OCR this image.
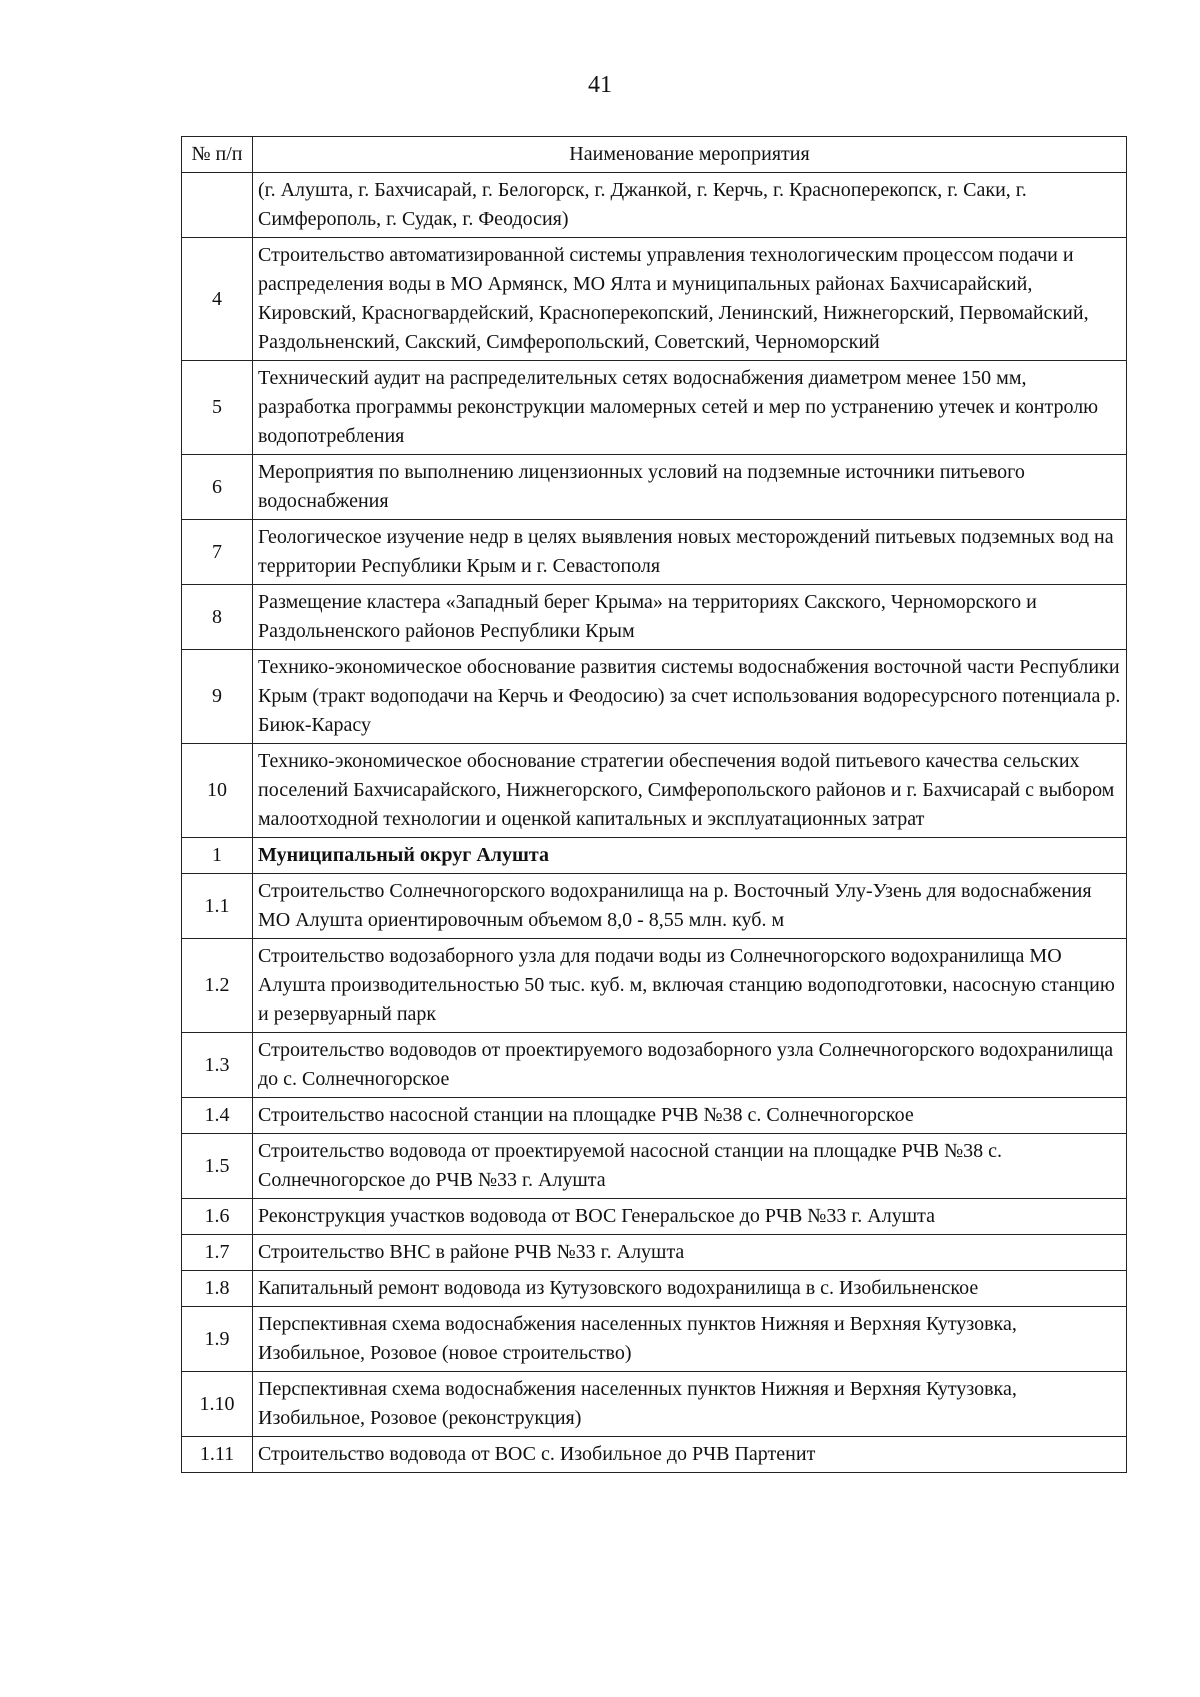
41
№ п/п	Наименование мероприятия
	(г. Алушта, г. Бахчисарай, г. Белогорск, г. Джанкой, г. Керчь, г. Красноперекопск, г. Саки, г. Симферополь, г. Судак, г. Феодосия)
4	Строительство автоматизированной системы управления технологическим процессом подачи и распределения воды в МО Армянск, МО Ялта и муниципальных районах Бахчисарайский, Кировский, Красногвардейский, Красноперекопский, Ленинский, Нижнегорский, Первомайский, Раздольненский, Сакский, Симферопольский, Советский, Черноморский
5	Технический аудит на распределительных сетях водоснабжения диаметром менее 150 мм, разработка программы реконструкции маломерных сетей и мер по устранению утечек и контролю водопотребления
6	Мероприятия по выполнению лицензионных условий на подземные источники питьевого водоснабжения
7	Геологическое изучение недр в целях выявления новых месторождений питьевых подземных вод на территории Республики Крым и г. Севастополя
8	Размещение кластера «Западный берег Крыма» на территориях Сакского, Черноморского и Раздольненского районов Республики Крым
9	Технико-экономическое обоснование развития системы водоснабжения восточной части Республики Крым (тракт водоподачи на Керчь и Феодосию) за счет использования водоресурсного потенциала р. Биюк-Карасу
10	Технико-экономическое обоснование стратегии обеспечения водой питьевого качества сельских поселений Бахчисарайского, Нижнегорского, Симферопольского районов и г. Бахчисарай с выбором малоотходной технологии и оценкой капитальных и эксплуатационных затрат
1	Муниципальный округ Алушта
1.1	Строительство Солнечногорского водохранилища на р. Восточный Улу-Узень для водоснабжения МО Алушта ориентировочным объемом 8,0 - 8,55 млн. куб. м
1.2	Строительство водозаборного узла для подачи воды из Солнечногорского водохранилища МО Алушта производительностью 50 тыс. куб. м, включая станцию водоподготовки, насосную станцию и резервуарный парк
1.3	Строительство водоводов от проектируемого водозаборного узла Солнечногорского водохранилища до с. Солнечногорское
1.4	Строительство насосной станции на площадке РЧВ №38 с. Солнечногорское
1.5	Строительство водовода от проектируемой насосной станции на площадке РЧВ №38 с. Солнечногорское до РЧВ №33 г. Алушта
1.6	Реконструкция участков водовода от ВОС Генеральское до РЧВ №33 г. Алушта
1.7	Строительство ВНС в районе РЧВ №33 г. Алушта
1.8	Капитальный ремонт водовода из Кутузовского водохранилища в с. Изобильненское
1.9	Перспективная схема водоснабжения населенных пунктов Нижняя и Верхняя Кутузовка, Изобильное, Розовое (новое строительство)
1.10	Перспективная схема водоснабжения населенных пунктов Нижняя и Верхняя Кутузовка, Изобильное, Розовое (реконструкция)
1.11	Строительство водовода от ВОС с. Изобильное до РЧВ Партенит
